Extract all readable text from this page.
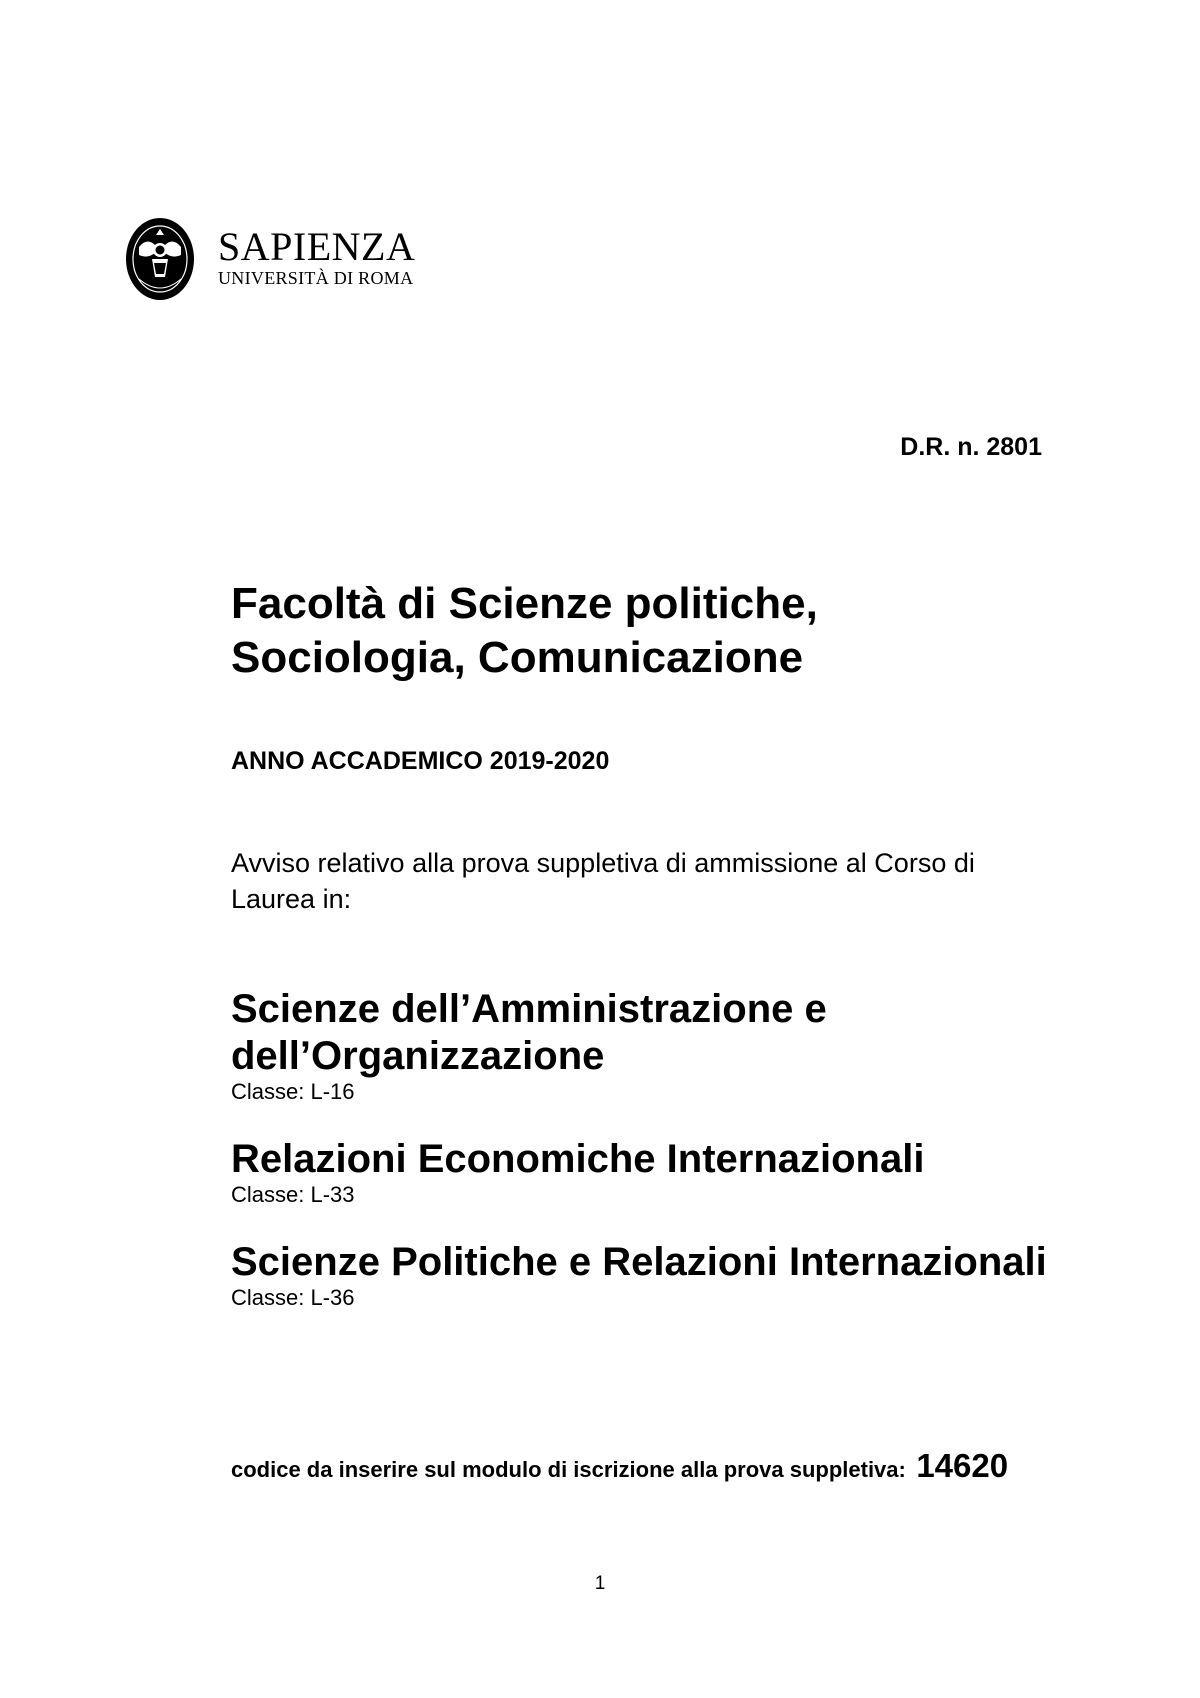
SAPIENZA
UNIVERSITÀ DI ROMA
D.R. n. 2801
Facoltà di Scienze politiche,
Sociologia, Comunicazione
ANNO ACCADEMICO 2019-2020
Avviso relativo alla prova suppletiva di ammissione al Corso di Laurea in:
Scienze dell’Amministrazione e
dell’Organizzazione
Classe: L-16
Relazioni Economiche Internazionali
Classe: L-33
Scienze Politiche e Relazioni Internazionali
Classe: L-36
codice da inserire sul modulo di iscrizione alla prova suppletiva: 14620
1
